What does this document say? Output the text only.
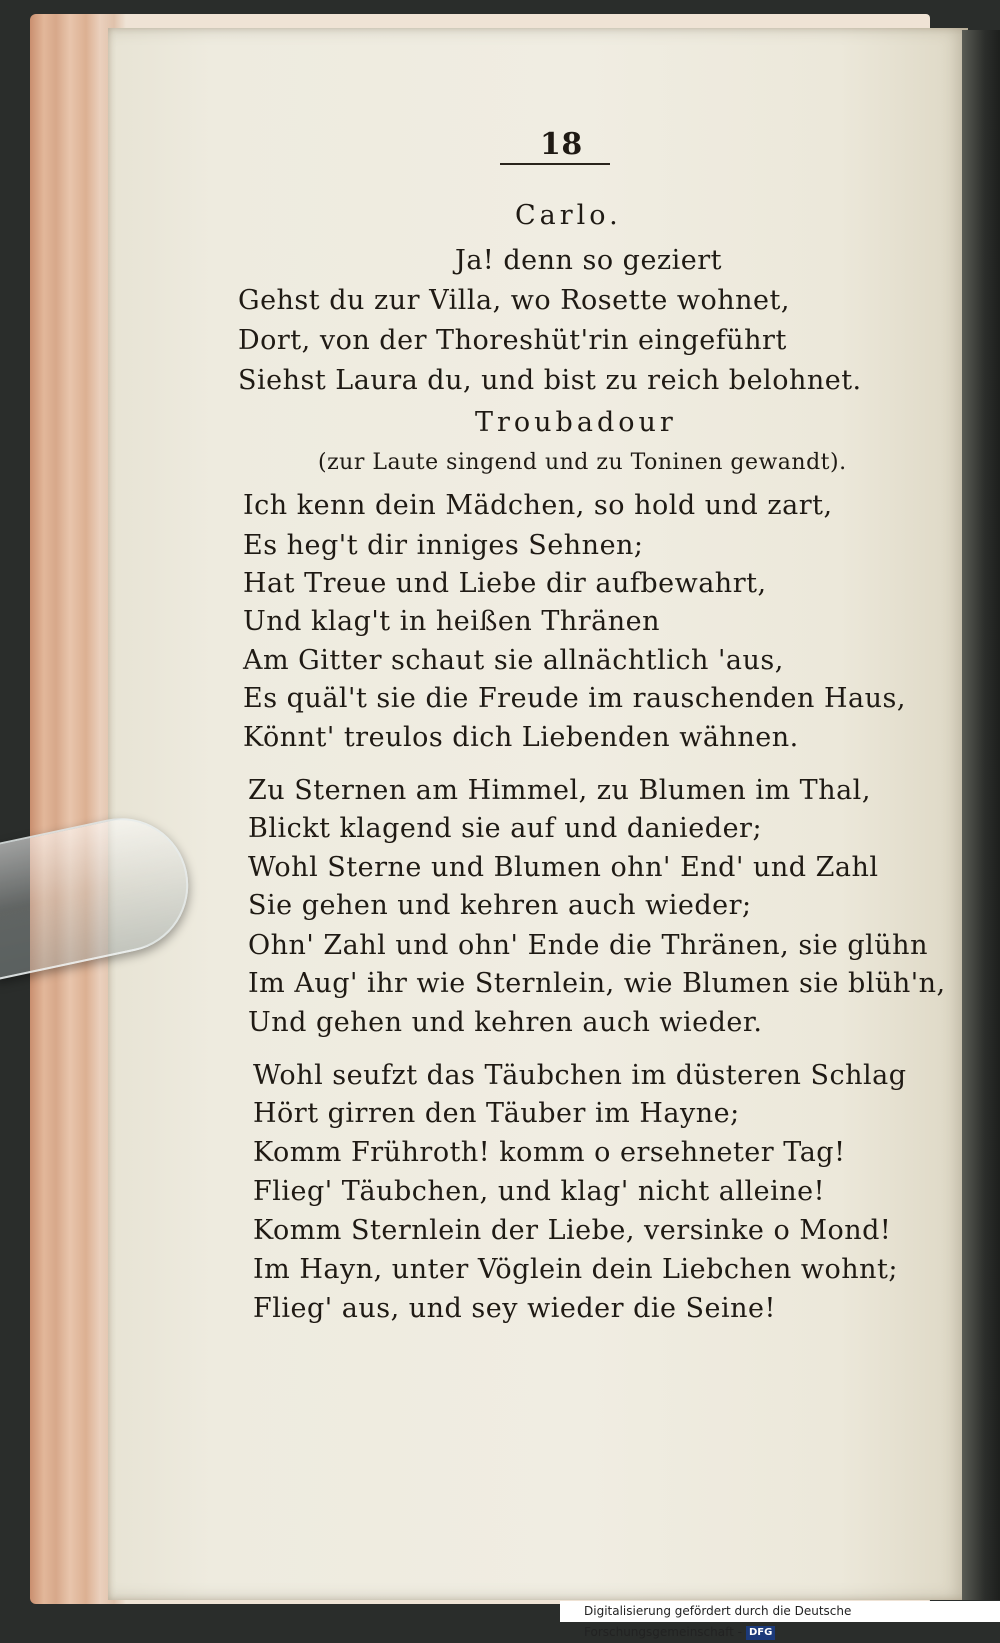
18
Carlo.
Ja! denn so geziert
Gehst du zur Villa, wo Rosette wohnet,
Dort, von der Thoreshüt'rin eingeführt
Siehst Laura du, und bist zu reich belohnet.
Troubadour
(zur Laute singend und zu Toninen gewandt).
Ich kenn dein Mädchen, so hold und zart,
Es heg't dir inniges Sehnen;
Hat Treue und Liebe dir aufbewahrt,
Und klag't in heißen Thränen
Am Gitter schaut sie allnächtlich 'aus,
Es quäl't sie die Freude im rauschenden Haus,
Könnt' treulos dich Liebenden wähnen.
Zu Sternen am Himmel, zu Blumen im Thal,
Blickt klagend sie auf und danieder;
Wohl Sterne und Blumen ohn' End' und Zahl
Sie gehen und kehren auch wieder;
Ohn' Zahl und ohn' Ende die Thränen, sie glühn
Im Aug' ihr wie Sternlein, wie Blumen sie blüh'n,
Und gehen und kehren auch wieder.
Wohl seufzt das Täubchen im düsteren Schlag
Hört girren den Täuber im Hayne;
Komm Frühroth! komm o ersehneter Tag!
Flieg' Täubchen, und klag' nicht alleine!
Komm Sternlein der Liebe, versinke o Mond!
Im Hayn, unter Vöglein dein Liebchen wohnt;
Flieg' aus, und sey wieder die Seine!
Digitalisierung gefördert durch die Deutsche Forschungsgemeinschaft - DFG
